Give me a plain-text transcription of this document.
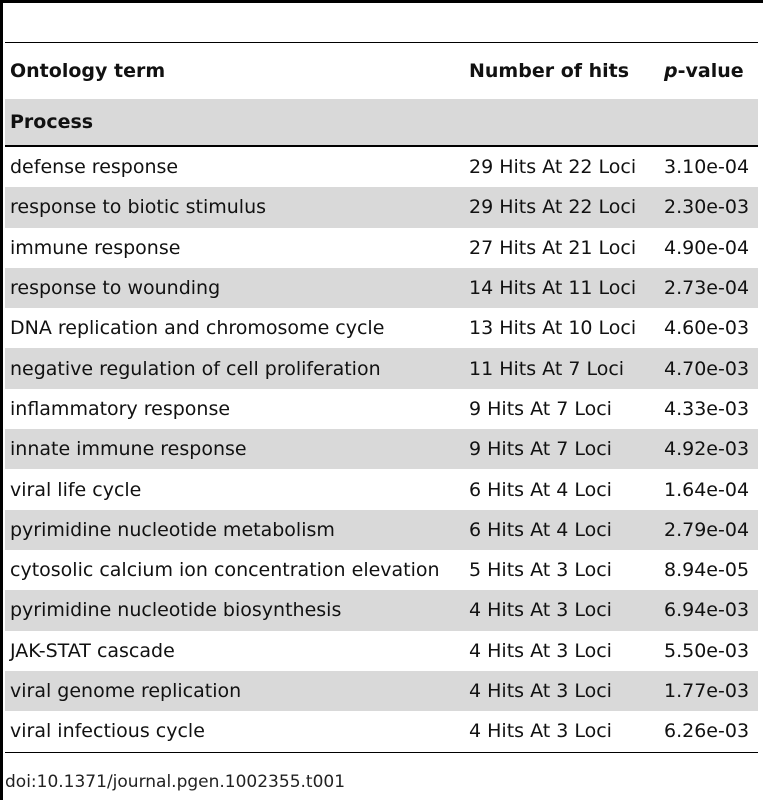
Ontology term	Number of hits p -value
Process
defense response	29 Hits At 22 Loci 3.10e-04
response to biotic stimulus	29 Hits At 22 Loci 2.30e-03
immune response	27 Hits At 21 Loci 4.90e-04
response to wounding	14 Hits At 11 Loci 2.73e-04
DNA replication and chromosome cycle	13 Hits At 10 Loci 4.60e-03
negative regulation of cell proliferation	11 Hits At 7 Loci 4.70e-03
inflammatory response	9 Hits At 7 Loci	4.33e-03
innate immune response	9 Hits At 7 Loci	4.92e-03
viral life cycle	6 Hits At 4 Loci	1.64e-04
pyrimidine nucleotide metabolism	6 Hits At 4 Loci	2.79e-04
cytosolic calcium ion concentration elevation 5 Hits At 3 Loci	8.94e-05
pyrimidine nucleotide biosynthesis	4 Hits At 3 Loci	6.94e-03
JAK-STAT cascade	4 Hits At 3 Loci	5.50e-03
viral genome replication	4 Hits At 3 Loci	1.77e-03
viral infectious cycle	4 Hits At 3 Loci	6.26e-03
doi:10.1371/journal.pgen.1002355.t001
